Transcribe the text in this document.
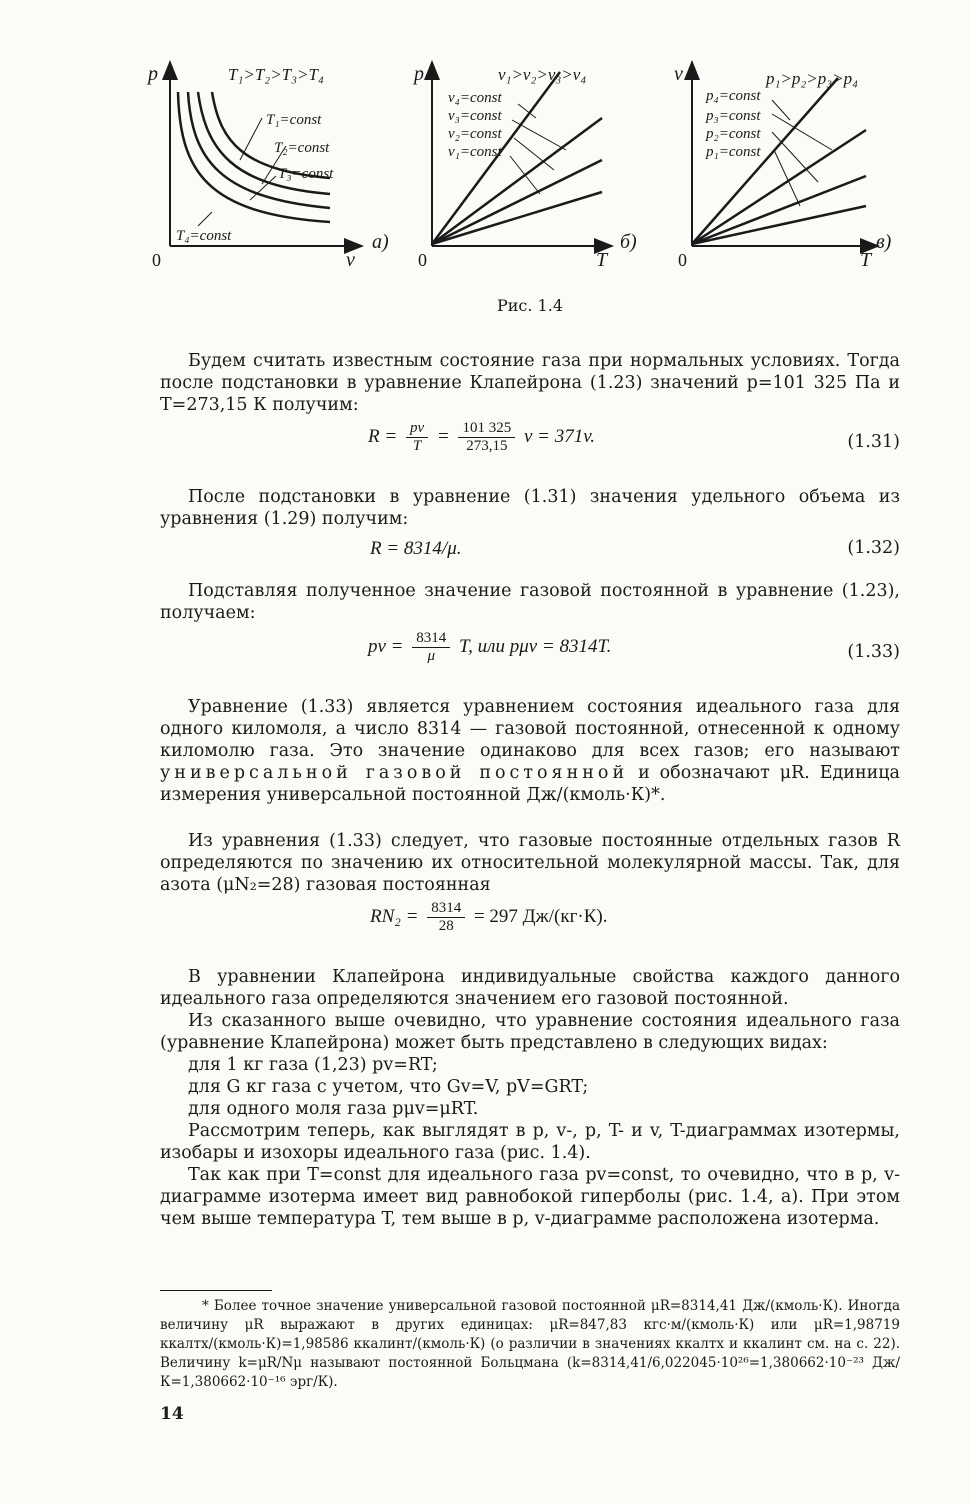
p
v
0
a)
T₁>T₂>T₃>T₄
T₁=const
T₂=const
T₃=const
T₄=const
p
T
0
б)
v₁>v₂>v₃>v₄
v₄=const
v₃=const
v₂=const
v₁=const
v
T
0
в)
p₁>p₂>p₃>p₄
p₄=const
p₃=const
p₂=const
p₁=const
Рис. 1.4

Будем считать известным состояние газа при нормальных условиях. Тогда после подстановки в уравнение Клапейрона (1.23) значений p=101 325 Па и T=273,15 К получим:

$R = \frac{pv}{T} = \frac{101 325}{273,15}$ v = 371v.	(1.31)

После подстановки в уравнение (1.31) значения удельного объема из уравнения (1.29) получим:

R = 8314/μ.	(1.32)

Подставляя полученное значение газовой постоянной в уравнение (1.23), получаем:

pv = $\frac{8314}{\mu} T$, или pμv = 8314T.	(1.33)

Уравнение (1.33) является уравнением состояния идеального газа для одного киломоля, а число 8314 — газовой постоянной, отнесенной к одному киломолю газа. Это значение одинаково для всех газов; его называют универсальной газовой постоянной и обозначают μR. Единица измерения универсальной постоянной Дж/(кмоль·К)*.

Из уравнения (1.33) следует, что газовые постоянные отдельных газов R определяются по значению их относительной молекулярной массы. Так, для азота (μN₂=28) газовая постоянная

$RN_2 = \frac{8314}{28} = 297$ Дж/(кг·К).

В уравнении Клапейрона индивидуальные свойства каждого данного идеального газа определяются значением его газовой постоянной.

Из сказанного выше очевидно, что уравнение состояния идеального газа (уравнение Клапейрона) может быть представлено в следующих видах:

для 1 кг газа (1,23) pv=RT;

для G кг газа с учетом, что Gv=V, pV=GRT;

для одного моля газа pμv=μRT.

Рассмотрим теперь, как выглядят в p, v-, p, T- и v, T-диаграммах изотермы, изобары и изохоры идеального газа (рис. 1.4).

Так как при T=const для идеального газа pv=const, то очевидно, что в p, v-диаграмме изотерма имеет вид равнобокой гиперболы (рис. 1.4, а). При этом чем выше температура T, тем выше в p, v-диаграмме расположена изотерма.

* Более точное значение универсальной газовой постоянной μR=8314,41 Дж/(кмоль·К). Иногда величину μR выражают в других единицах: μR=847,83 кгс·м/(кмоль·К) или μR=1,98719 ккалтх/(кмоль·К)=1,98586 ккалинт/(кмоль·К) (о различии в значениях ккалтх и ккалинт см. на с. 22). Величину k=μR/Nμ называют постоянной Больцмана (k=8314,41/6,022045·10²⁶=1,380662·10⁻²³ Дж/К=1,380662·10⁻¹⁶ эрг/К).

14
